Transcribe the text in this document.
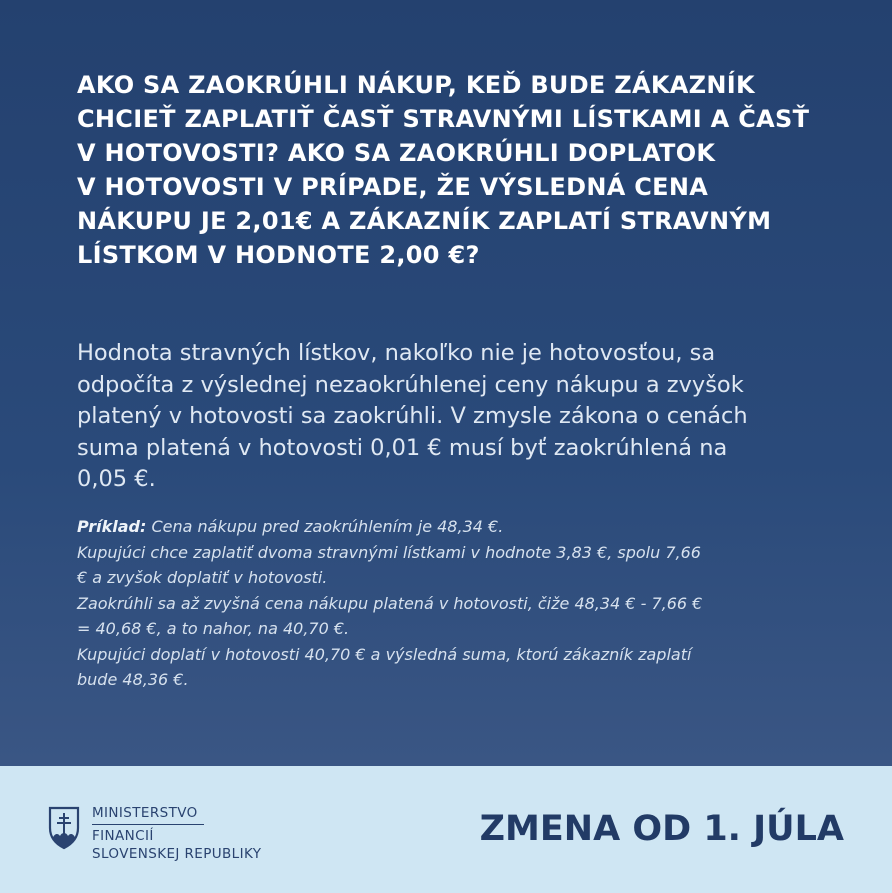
AKO SA ZAOKRÚHLI NÁKUP, KEĎ BUDE ZÁKAZNÍK
CHCIEŤ ZAPLATIŤ ČASŤ STRAVNÝMI LÍSTKAMI A ČASŤ
V HOTOVOSTI? AKO SA ZAOKRÚHLI DOPLATOK
V HOTOVOSTI V PRÍPADE, ŽE VÝSLEDNÁ CENA
NÁKUPU JE 2,01€ A ZÁKAZNÍK ZAPLATÍ STRAVNÝM
LÍSTKOM V HODNOTE 2,00 €?

Hodnota stravných lístkov, nakoľko nie je hotovosťou, sa
odpočíta z výslednej nezaokrúhlenej ceny nákupu a zvyšok
platený v hotovosti sa zaokrúhli. V zmysle zákona o cenách
suma platená v hotovosti 0,01 € musí byť zaokrúhlená na
0,05 €.

Príklad: Cena nákupu pred zaokrúhlením je 48,34 €.
Kupujúci chce zaplatiť dvoma stravnými lístkami v hodnote 3,83 €, spolu 7,66
€ a zvyšok doplatiť v hotovosti.
Zaokrúhli sa až zvyšná cena nákupu platená v hotovosti, čiže 48,34 € - 7,66 €
= 40,68 €, a to nahor, na 40,70 €.
Kupujúci doplatí v hotovosti 40,70 € a výsledná suma, ktorú zákazník zaplatí
bude 48,36 €.

MINISTERSTVO
FINANCIÍ
SLOVENSKEJ REPUBLIKY
ZMENA OD 1. JÚLA
